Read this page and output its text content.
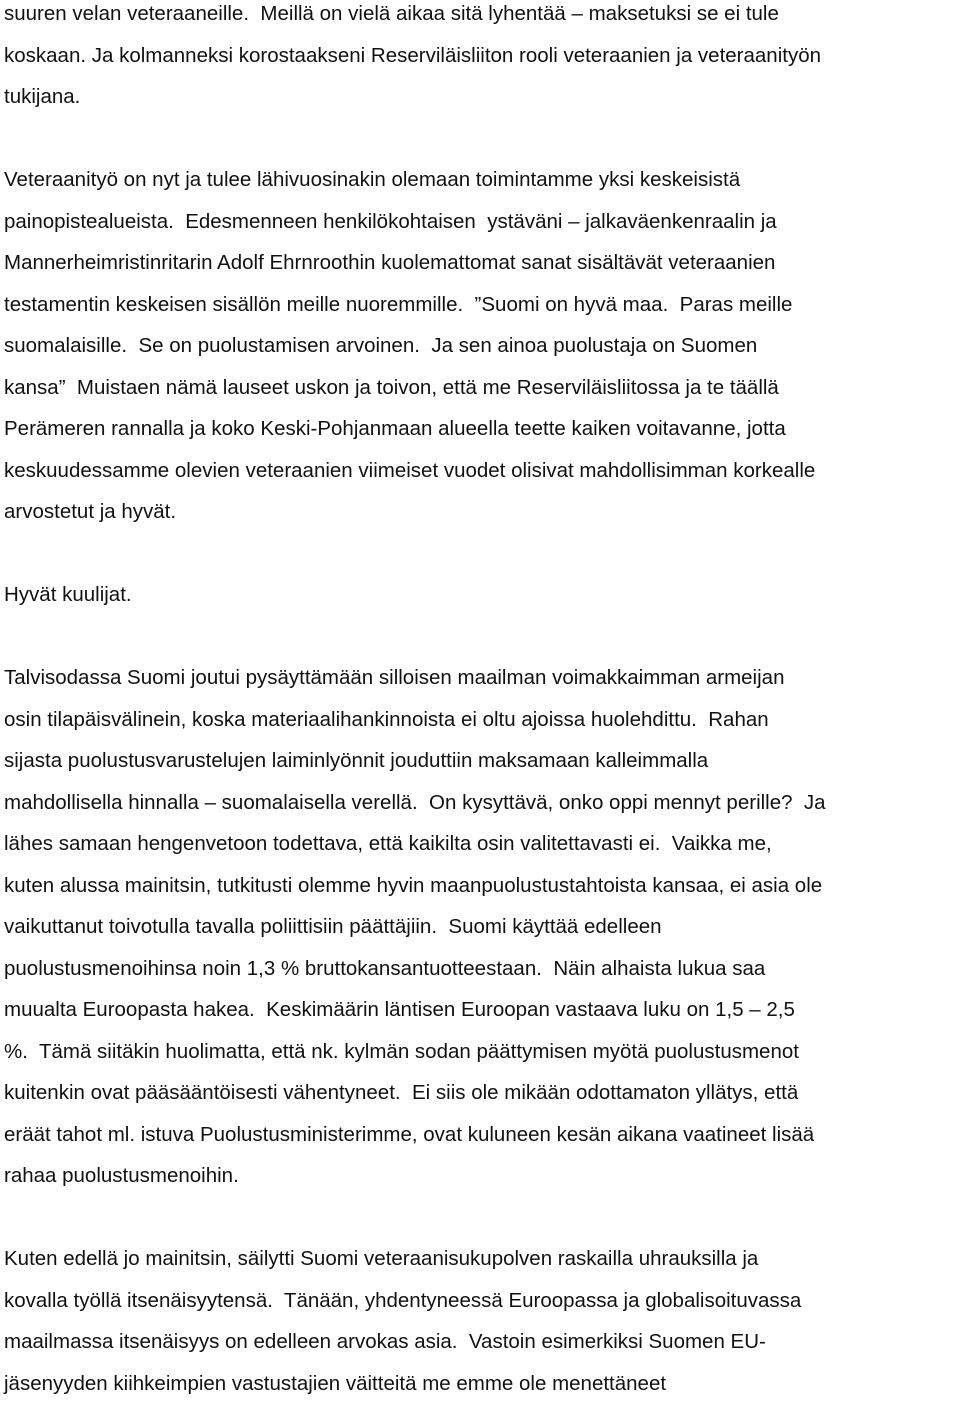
suuren velan veteraaneille.  Meillä on vielä aikaa sitä lyhentää – maksetuksi se ei tule
koskaan. Ja kolmanneksi korostaakseni Reserviläisliiton rooli veteraanien ja veteraanityön
tukijana.

Veteraanityö on nyt ja tulee lähivuosinakin olemaan toimintamme yksi keskeisistä
painopistealueista.  Edesmenneen henkilökohtaisen  ystäväni – jalkaväenkenraalin ja
Mannerheimristinritarin Adolf Ehrnroothin kuolemattomat sanat sisältävät veteraanien
testamentin keskeisen sisällön meille nuoremmille.  ”Suomi on hyvä maa.  Paras meille
suomalaisille.  Se on puolustamisen arvoinen.  Ja sen ainoa puolustaja on Suomen
kansa”  Muistaen nämä lauseet uskon ja toivon, että me Reserviläisliitossa ja te täällä
Perämeren rannalla ja koko Keski-Pohjanmaan alueella teette kaiken voitavanne, jotta
keskuudessamme olevien veteraanien viimeiset vuodet olisivat mahdollisimman korkealle
arvostetut ja hyvät.

Hyvät kuulijat.

Talvisodassa Suomi joutui pysäyttämään silloisen maailman voimakkaimman armeijan
osin tilapäisvälinein, koska materiaalihankinnoista ei oltu ajoissa huolehdittu.  Rahan
sijasta puolustusvarustelujen laiminlyönnit jouduttiin maksamaan kalleimmalla
mahdollisella hinnalla – suomalaisella verellä.  On kysyttävä, onko oppi mennyt perille?  Ja
lähes samaan hengenvetoon todettava, että kaikilta osin valitettavasti ei.  Vaikka me,
kuten alussa mainitsin, tutkitusti olemme hyvin maanpuolustustahtoista kansaa, ei asia ole
vaikuttanut toivotulla tavalla poliittisiin päättäjiin.  Suomi käyttää edelleen
puolustusmenoihinsa noin 1,3 % bruttokansantuotteestaan.  Näin alhaista lukua saa
muualta Euroopasta hakea.  Keskimäärin läntisen Euroopan vastaava luku on 1,5 – 2,5
%.  Tämä siitäkin huolimatta, että nk. kylmän sodan päättymisen myötä puolustusmenot
kuitenkin ovat pääsääntöisesti vähentyneet.  Ei siis ole mikään odottamaton yllätys, että
eräät tahot ml. istuva Puolustusministerimme, ovat kuluneen kesän aikana vaatineet lisää
rahaa puolustusmenoihin.

Kuten edellä jo mainitsin, säilytti Suomi veteraanisukupolven raskailla uhrauksilla ja
kovalla työllä itsenäisyytensä.  Tänään, yhdentyneessä Euroopassa ja globalisoituvassa
maailmassa itsenäisyys on edelleen arvokas asia.  Vastoin esimerkiksi Suomen EU-
jäsenyyden kiihkeimpien vastustajien väitteitä me emme ole menettäneet
